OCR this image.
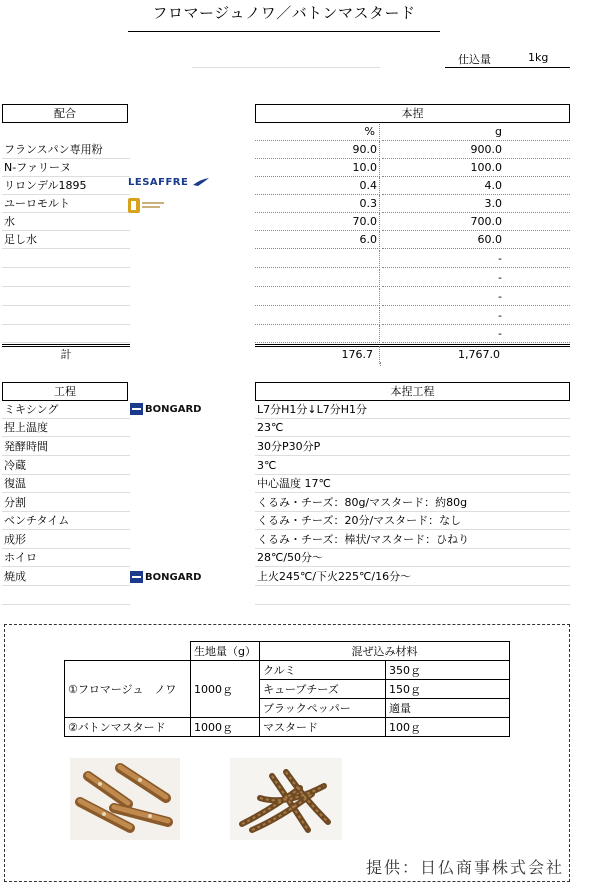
フロマージュノワ／バトンマスタード
仕込量	1kg
配合	本捏
%	g
フランスパン専用粉	90.0	900.0
N-ファリーヌ	10.0	100.0
リロンデル1895	0.4	4.0
ユーロモルト	0.3	3.0
水	70.0	700.0
足し水	6.0	60.0
-
-
-
-
-
計	176.7	1,767.0
LESAFFRE
工程	本捏工程
ミキシング	L7分H1分↓L7分H1分
捏上温度	23℃
発酵時間	30分P30分P
冷蔵	3℃
復温	中心温度 17℃
分割	くるみ・チーズ：80g/マスタード：約80g
ベンチタイム	くるみ・チーズ：20分/マスタード：なし
成形	くるみ・チーズ：棒状/マスタード：ひねり
ホイロ	28℃/50分～
焼成	上火245℃/下火225℃/16分～
BONGARD
BONGARD
	生地量（g）	混ぜ込み材料	
①フロマージュ　ノワ	1000ｇ	クルミ	350ｇ
		キューブチーズ	150ｇ
		ブラックペッパー	適量
②バトンマスタード	1000ｇ	マスタード	100ｇ
提供：日仏商事株式会社
